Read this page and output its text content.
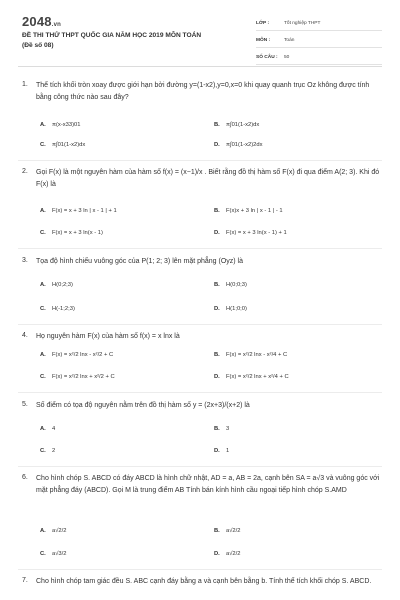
2048.vn
ĐỀ THI THỬ THPT QUỐC GIA NĂM HỌC 2019 MÔN TOÁN
(Đề số 08)
LỚP :	Tốt nghiệp THPT
MÔN :	Toán
SỐ CÂU :	50
1. Thể tích khối tròn xoay được giới hạn bởi đường y=(1-x2),y=0,x=0 khi quay quanh trục Oz không được tính bằng công thức nào sau đây?
A. π(x-x33)01	B. π∫01(1-x2)dx
C. π∫01(1-x2)dx	D. π∫01(1-x2)2dx
2. Gọi F(x) là một nguyên hàm của hàm số f(x) = (x−1)/x . Biết rằng đồ thị hàm số F(x) đi qua điểm A(2; 3). Khi đó F(x) là
A. F(x) = x + 3 ln | x - 1 | + 1	B. F(x)x + 3 ln | x - 1 | - 1
C. F(x) = x + 3 ln(x - 1)	D. F(x) = x + 3 ln(x - 1) + 1
3. Tọa độ hình chiếu vuông góc của P(1; 2; 3) lên mặt phẳng (Oyz) là
A. H(0;2;3)	B. H(0;0;3)
C. H(-1;2;3)	D. H(1;0;0)
4. Họ nguyên hàm F(x) của hàm số f(x) = x lnx là
A. F(x) = x²/2 lnx - x²/2 + C	B. F(x) = x²/2 lnx - x²/4 + C
C. F(x) = x²/2 lnx + x²/2 + C	D. F(x) = x²/2 lnx + x²/4 + C
5. Số điểm có tọa độ nguyên nằm trên đồ thị hàm số y = (2x+3)/(x+2) là
A. 4	B. 3
C. 2	D. 1
6. Cho hình chóp S. ABCD có đáy ABCD là hình chữ nhật, AD = a, AB = 2a, cạnh bên SA = a√3 và vuông góc với mặt phẳng đáy (ABCD). Gọi M là trung điểm AB Tính bán kính hình cầu ngoại tiếp hình chóp S.AMD
A. a√2/2	B. a√2/2
C. a√3/2	D. a√2/2
7. Cho hình chóp tam giác đều S. ABC cạnh đáy bằng a và cạnh bên bằng b. Tính thể tích khối chóp S. ABCD.
